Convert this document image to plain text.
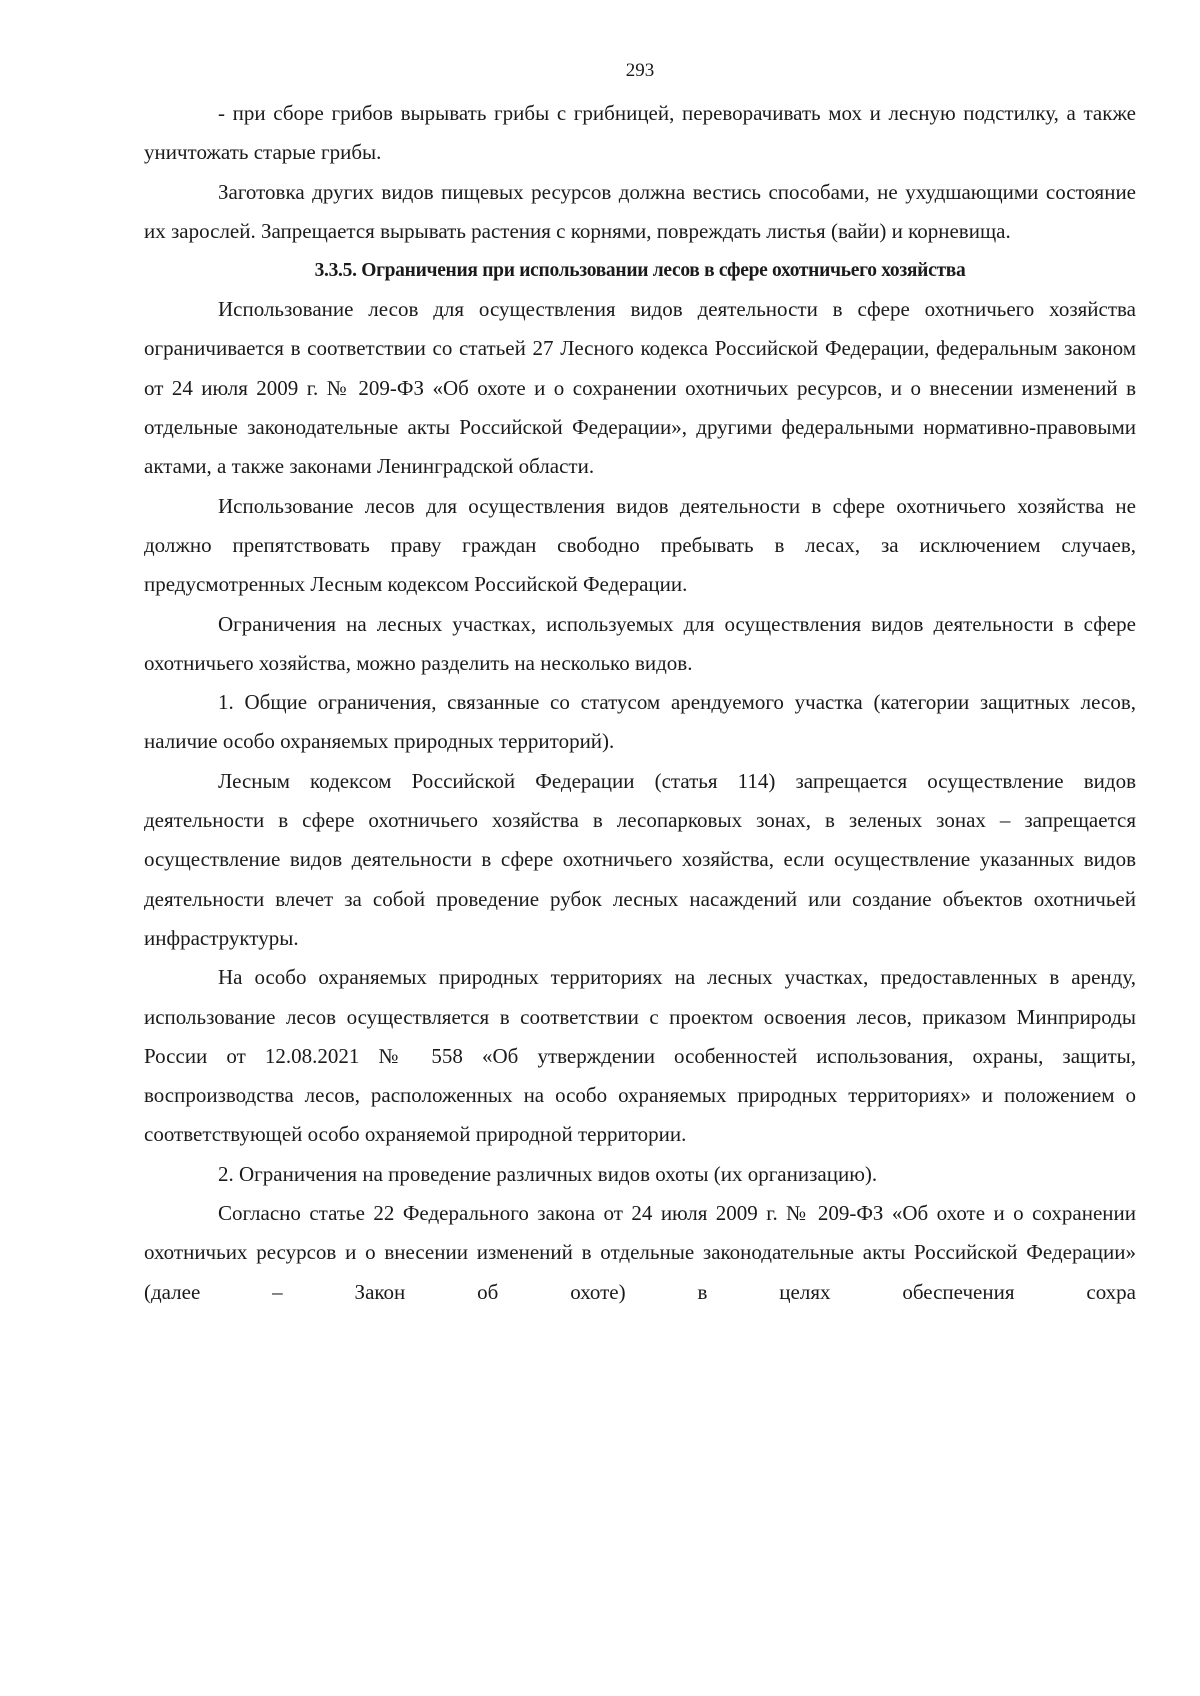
293

- при сборе грибов вырывать грибы с грибницей, переворачивать мох и лесную подстилку, а также уничтожать старые грибы.

Заготовка других видов пищевых ресурсов должна вестись способами, не ухудшающими состояние их зарослей. Запрещается вырывать растения с корнями, повреждать листья (вайи) и корневища.

3.3.5. Ограничения при использовании лесов в сфере охотничьего хозяйства

Использование лесов для осуществления видов деятельности в сфере охотничьего хозяйства ограничивается в соответствии со статьей 27 Лесного кодекса Российской Федерации, федеральным законом от 24 июля 2009 г. № 209-ФЗ «Об охоте и о сохранении охотничьих ресурсов, и о внесении изменений в отдельные законодательные акты Российской Федерации», другими федеральными нормативно-правовыми актами, а также законами Ленинградской области.

Использование лесов для осуществления видов деятельности в сфере охотничьего хозяйства не должно препятствовать праву граждан свободно пребывать в лесах, за исключением случаев, предусмотренных Лесным кодексом Российской Федерации.

Ограничения на лесных участках, используемых для осуществления видов деятельности в сфере охотничьего хозяйства, можно разделить на несколько видов.

1. Общие ограничения, связанные со статусом арендуемого участка (категории защитных лесов, наличие особо охраняемых природных территорий).

Лесным кодексом Российской Федерации (статья 114) запрещается осуществление видов деятельности в сфере охотничьего хозяйства в лесопарковых зонах, в зеленых зонах – запрещается осуществление видов деятельности в сфере охотничьего хозяйства, если осуществление указанных видов деятельности влечет за собой проведение рубок лесных насаждений или создание объектов охотничьей инфраструктуры.

На особо охраняемых природных территориях на лесных участках, предоставленных в аренду, использование лесов осуществляется в соответствии с проектом освоения лесов, приказом Минприроды России от 12.08.2021 № 558 «Об утверждении особенностей использования, охраны, защиты, воспроизводства лесов, расположенных на особо охраняемых природных территориях» и положением о соответствующей особо охраняемой природной территории.

2. Ограничения на проведение различных видов охоты (их организацию).

Согласно статье 22 Федерального закона от 24 июля 2009 г. № 209-ФЗ «Об охоте и о сохранении охотничьих ресурсов и о внесении изменений в отдельные законодательные акты Российской Федерации» (далее – Закон об охоте) в целях обеспечения сохра
